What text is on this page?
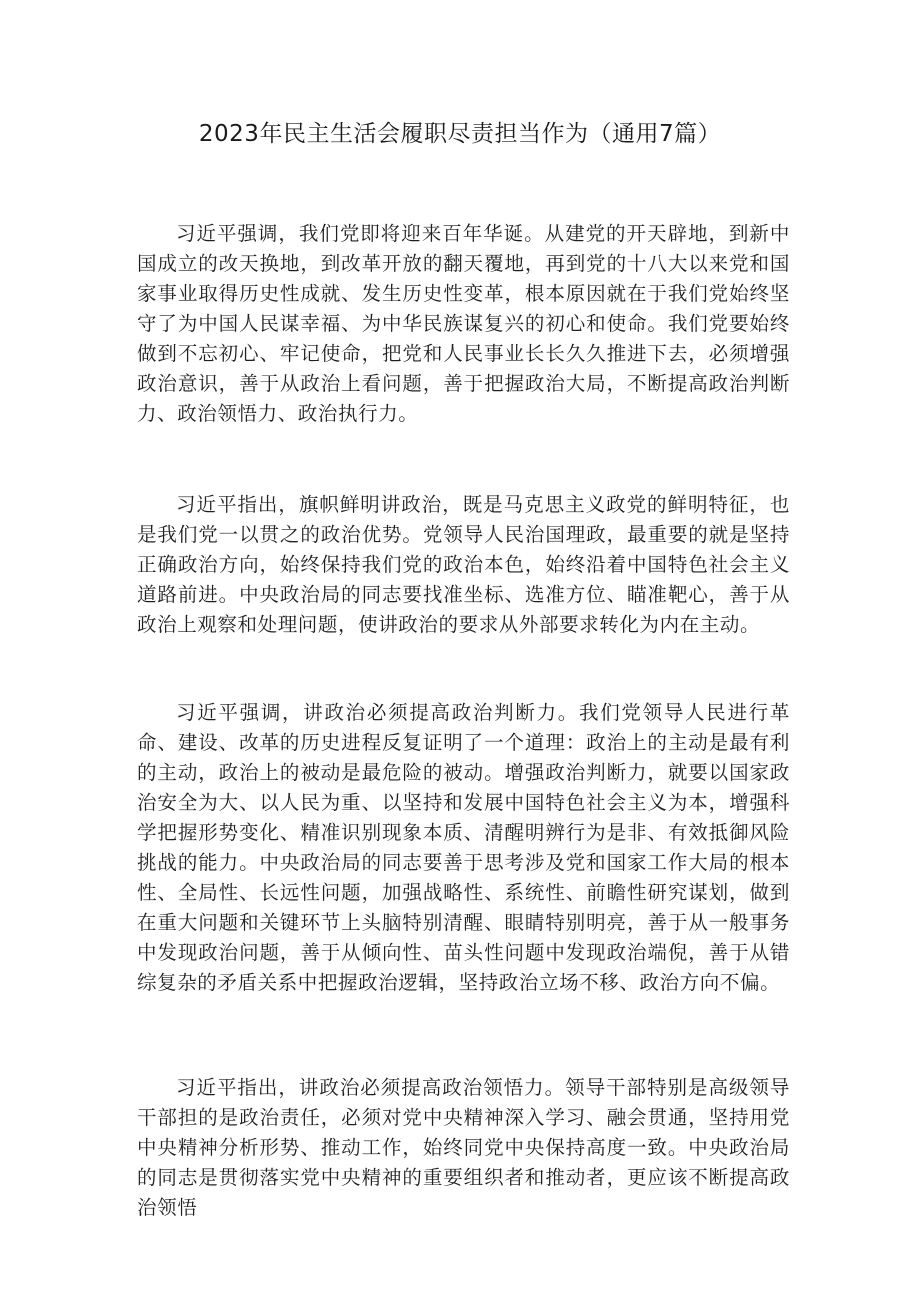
2023年民主生活会履职尽责担当作为（通用7篇）

习近平强调，我们党即将迎来百年华诞。从建党的开天辟地，到新中国成立的改天换地，到改革开放的翻天覆地，再到党的十八大以来党和国家事业取得历史性成就、发生历史性变革，根本原因就在于我们党始终坚守了为中国人民谋幸福、为中华民族谋复兴的初心和使命。我们党要始终做到不忘初心、牢记使命，把党和人民事业长长久久推进下去，必须增强政治意识，善于从政治上看问题，善于把握政治大局，不断提高政治判断力、政治领悟力、政治执行力。

习近平指出，旗帜鲜明讲政治，既是马克思主义政党的鲜明特征，也是我们党一以贯之的政治优势。党领导人民治国理政，最重要的就是坚持正确政治方向，始终保持我们党的政治本色，始终沿着中国特色社会主义道路前进。中央政治局的同志要找准坐标、选准方位、瞄准靶心，善于从政治上观察和处理问题，使讲政治的要求从外部要求转化为内在主动。

习近平强调，讲政治必须提高政治判断力。我们党领导人民进行革命、建设、改革的历史进程反复证明了一个道理：政治上的主动是最有利的主动，政治上的被动是最危险的被动。增强政治判断力，就要以国家政治安全为大、以人民为重、以坚持和发展中国特色社会主义为本，增强科学把握形势变化、精准识别现象本质、清醒明辨行为是非、有效抵御风险挑战的能力。中央政治局的同志要善于思考涉及党和国家工作大局的根本性、全局性、长远性问题，加强战略性、系统性、前瞻性研究谋划，做到在重大问题和关键环节上头脑特别清醒、眼睛特别明亮，善于从一般事务中发现政治问题，善于从倾向性、苗头性问题中发现政治端倪，善于从错综复杂的矛盾关系中把握政治逻辑，坚持政治立场不移、政治方向不偏。

习近平指出，讲政治必须提高政治领悟力。领导干部特别是高级领导干部担的是政治责任，必须对党中央精神深入学习、融会贯通，坚持用党中央精神分析形势、推动工作，始终同党中央保持高度一致。中央政治局的同志是贯彻落实党中央精神的重要组织者和推动者，更应该不断提高政治领悟
